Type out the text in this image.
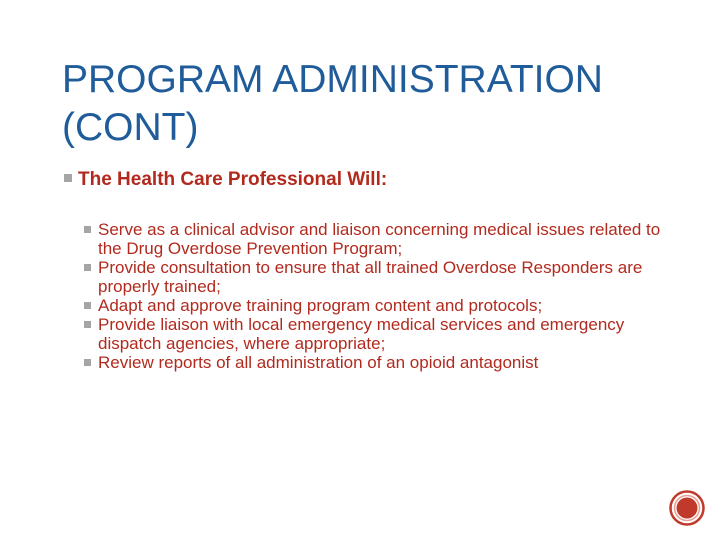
PROGRAM ADMINISTRATION
(CONT)
The Health Care Professional Will:
Serve as a clinical advisor and liaison concerning medical issues related to the Drug Overdose Prevention Program;
Provide consultation to ensure that all trained Overdose Responders are properly trained;
Adapt and approve training program content and protocols;
Provide liaison with local emergency medical services and emergency dispatch agencies, where appropriate;
Review reports of all administration of an opioid antagonist
